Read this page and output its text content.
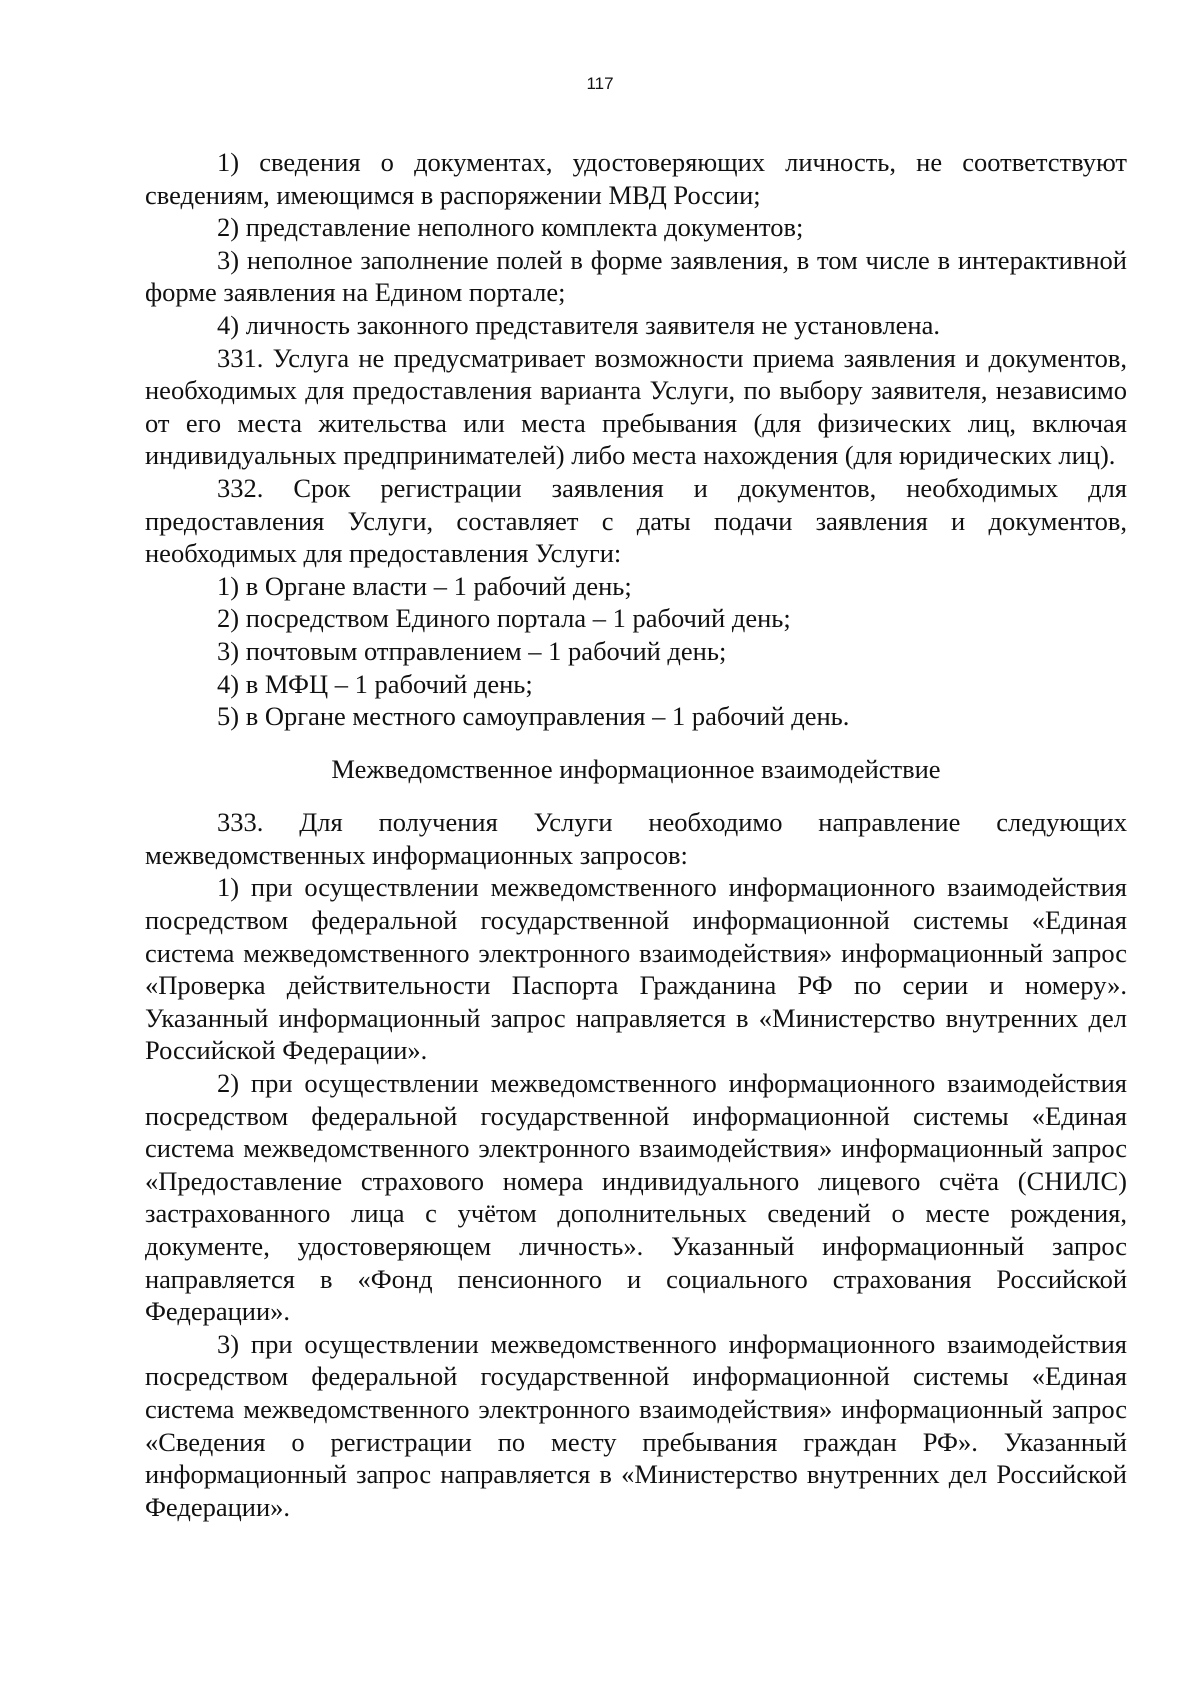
117

1) сведения о документах, удостоверяющих личность, не соответствуют сведениям, имеющимся в распоряжении МВД России;

2) представление неполного комплекта документов;

3) неполное заполнение полей в форме заявления, в том числе в интерактивной форме заявления на Едином портале;

4) личность законного представителя заявителя не установлена.

331. Услуга не предусматривает возможности приема заявления и документов, необходимых для предоставления варианта Услуги, по выбору заявителя, независимо от его места жительства или места пребывания (для физических лиц, включая индивидуальных предпринимателей) либо места нахождения (для юридических лиц).

332. Срок регистрации заявления и документов, необходимых для предоставления Услуги, составляет с даты подачи заявления и документов, необходимых для предоставления Услуги:

1) в Органе власти – 1 рабочий день;

2) посредством Единого портала – 1 рабочий день;

3) почтовым отправлением – 1 рабочий день;

4) в МФЦ – 1 рабочий день;

5) в Органе местного самоуправления – 1 рабочий день.

Межведомственное информационное взаимодействие

333. Для получения Услуги необходимо направление следующих межведомственных информационных запросов:

1) при осуществлении межведомственного информационного взаимодействия посредством федеральной государственной информационной системы «Единая система межведомственного электронного взаимодействия» информационный запрос «Проверка действительности Паспорта Гражданина РФ по серии и номеру». Указанный информационный запрос направляется в «Министерство внутренних дел Российской Федерации».

2) при осуществлении межведомственного информационного взаимодействия посредством федеральной государственной информационной системы «Единая система межведомственного электронного взаимодействия» информационный запрос «Предоставление страхового номера индивидуального лицевого счёта (СНИЛС) застрахованного лица с учётом дополнительных сведений о месте рождения, документе, удостоверяющем личность». Указанный информационный запрос направляется в «Фонд пенсионного и социального страхования Российской Федерации».

3) при осуществлении межведомственного информационного взаимодействия посредством федеральной государственной информационной системы «Единая система межведомственного электронного взаимодействия» информационный запрос «Сведения о регистрации по месту пребывания граждан РФ». Указанный информационный запрос направляется в «Министерство внутренних дел Российской Федерации».
